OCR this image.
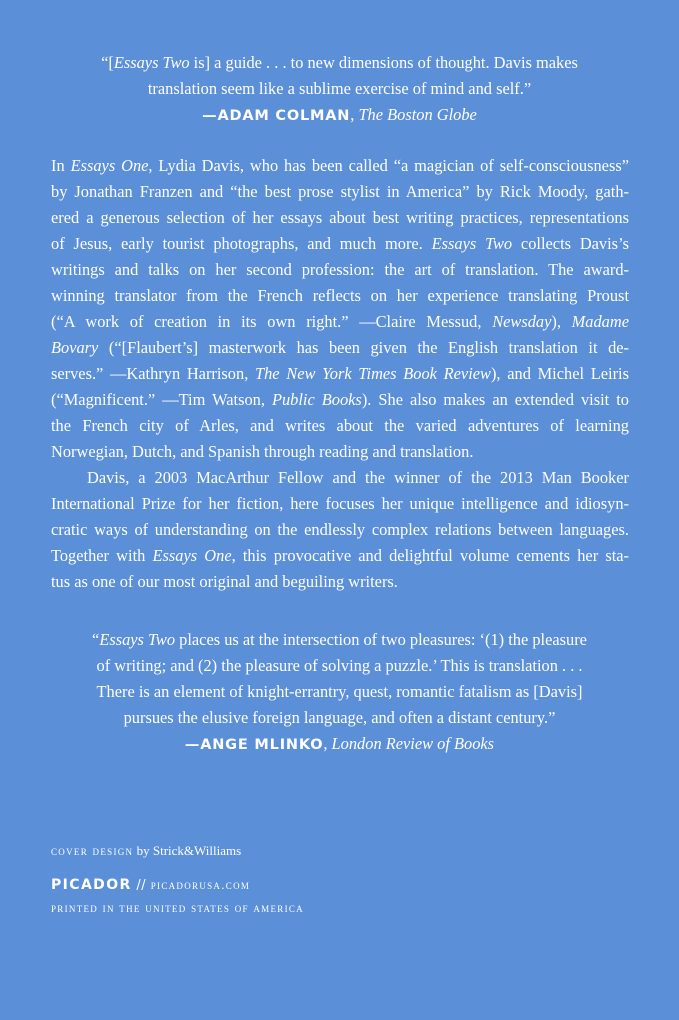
“[Essays Two is] a guide . . . to new dimensions of thought. Davis makes
translation seem like a sublime exercise of mind and self.”
—ADAM COLMAN, The Boston Globe
In Essays One, Lydia Davis, who has been called “a magician of self-consciousness”
by Jonathan Franzen and “the best prose stylist in America” by Rick Moody, gath-
ered a generous selection of her essays about best writing practices, representations
of Jesus, early tourist photographs, and much more. Essays Two collects Davis’s
writings and talks on her second profession: the art of translation. The award-
winning translator from the French reflects on her experience translating Proust
(“A work of creation in its own right.” —Claire Messud, Newsday), Madame
Bovary (“[Flaubert’s] masterwork has been given the English translation it de-
serves.” —Kathryn Harrison, The New York Times Book Review), and Michel Leiris
(“Magnificent.” —Tim Watson, Public Books). She also makes an extended visit to
the French city of Arles, and writes about the varied adventures of learning
Norwegian, Dutch, and Spanish through reading and translation.
Davis, a 2003 MacArthur Fellow and the winner of the 2013 Man Booker
International Prize for her fiction, here focuses her unique intelligence and idiosyn-
cratic ways of understanding on the endlessly complex relations between languages.
Together with Essays One, this provocative and delightful volume cements her sta-
tus as one of our most original and beguiling writers.
“Essays Two places us at the intersection of two pleasures: ‘(1) the pleasure
of writing; and (2) the pleasure of solving a puzzle.’ This is translation . . .
There is an element of knight-errantry, quest, romantic fatalism as [Davis]
pursues the elusive foreign language, and often a distant century.”
—ANGE MLINKO, London Review of Books
cover design by Strick&Williams
PICADOR // picadorusa.com
printed in the united states of america
